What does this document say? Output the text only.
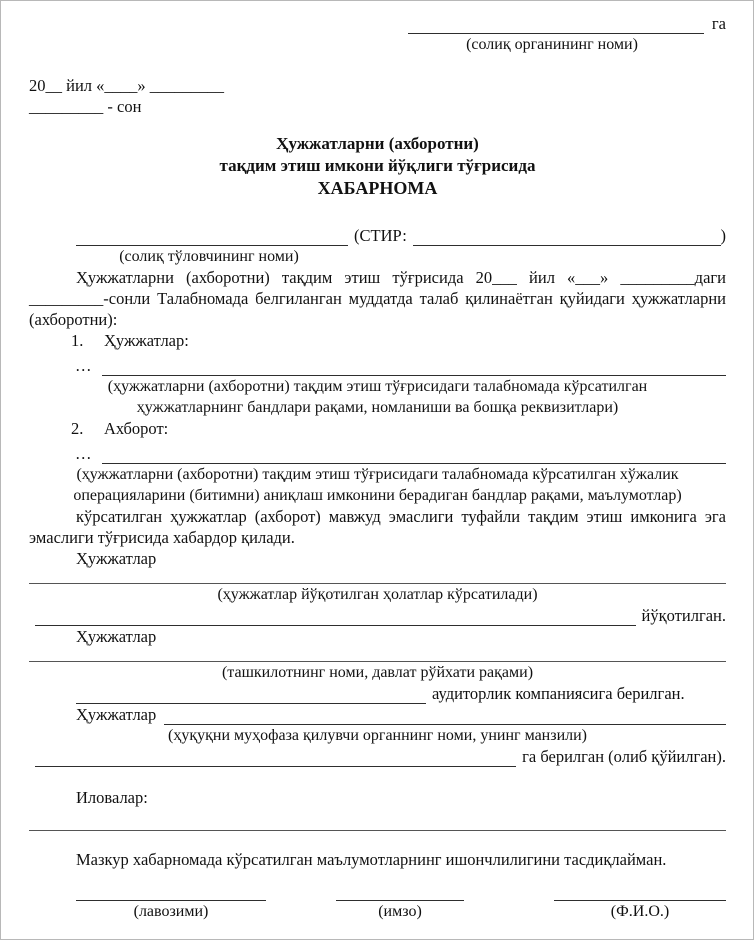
га
(солиқ органининг номи)

20__ йил «____» _________

_________ - сон

Ҳужжатларни (ахборотни)
тақдим этиш имкони йўқлиги тўғрисида
ХАБАРНОМА
(СТИР:	)
(солиқ тўловчининг номи)

Ҳужжатларни (ахборотни) тақдим этиш тўғрисида 20___ йил «___» _________даги _________-сонли Талабномада белгиланган муддатда талаб қилинаётган қуйидаги ҳужжатларни (ахборотни):

1. Ҳужжатлар:
…
(ҳужжатларни (ахборотни) тақдим этиш тўғрисидаги талабномада кўрсатилган
ҳужжатларнинг бандлари рақами, номланиши ва бошқа реквизитлари)
2. Ахборот:
…
(ҳужжатларни (ахборотни) тақдим этиш тўғрисидаги талабномада кўрсатилган хўжалик
операцияларини (битимни) аниқлаш имконини берадиган бандлар рақами, маълумотлар)

кўрсатилган ҳужжатлар (ахборот) мавжуд эмаслиги туфайли тақдим этиш имконига эга эмаслиги тўғрисида хабардор қилади.

Ҳужжатлар
(ҳужжатлар йўқотилган ҳолатлар кўрсатилади)
йўқотилган.
Ҳужжатлар
(ташкилотнинг номи, давлат рўйхати рақами)
аудиторлик компаниясига берилган.
Ҳужжатлар
(ҳуқуқни муҳофаза қилувчи органнинг номи, унинг манзили)
га берилган (олиб қўйилган).
Иловалар:

Мазкур хабарномада кўрсатилган маълумотларнинг ишончлилигини тасдиқлайман.

(лавозими)	(имзо)	(Ф.И.О.)
